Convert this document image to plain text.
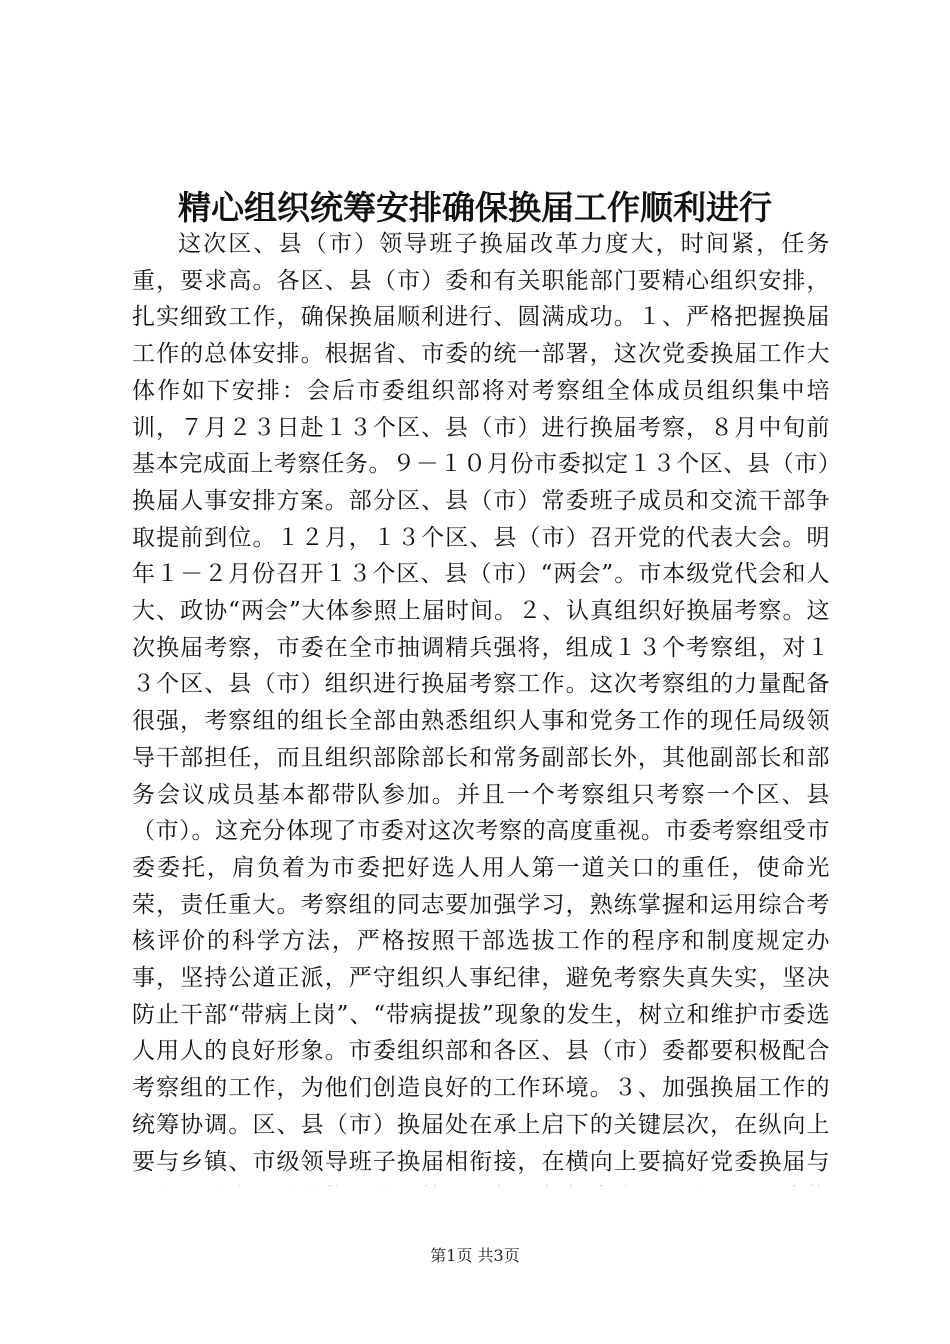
精心组织统筹安排确保换届工作顺利进行

这次区、县（市）领导班子换届改革力度大，时间紧，任务重，要求高。各区、县（市）委和有关职能部门要精心组织安排，扎实细致工作，确保换届顺利进行、圆满成功。１、严格把握换届工作的总体安排。根据省、市委的统一部署，这次党委换届工作大体作如下安排：会后市委组织部将对考察组全体成员组织集中培训，７月２３日赴１３个区、县（市）进行换届考察，８月中旬前基本完成面上考察任务。９－１０月份市委拟定１３个区、县（市）换届人事安排方案。部分区、县（市）常委班子成员和交流干部争取提前到位。１２月，１３个区、县（市）召开党的代表大会。明年１－２月份召开１３个区、县（市）“两会”。市本级党代会和人大、政协“两会”大体参照上届时间。２、认真组织好换届考察。这次换届考察，市委在全市抽调精兵强将，组成１３个考察组，对１３个区、县（市）组织进行换届考察工作。这次考察组的力量配备很强，考察组的组长全部由熟悉组织人事和党务工作的现任局级领导干部担任，而且组织部除部长和常务副部长外，其他副部长和部务会议成员基本都带队参加。并且一个考察组只考察一个区、县（市）。这充分体现了市委对这次考察的高度重视。市委考察组受市委委托，肩负着为市委把好选人用人第一道关口的重任，使命光荣，责任重大。考察组的同志要加强学习，熟练掌握和运用综合考核评价的科学方法，严格按照干部选拔工作的程序和制度规定办事，坚持公道正派，严守组织人事纪律，避免考察失真失实，坚决防止干部“带病上岗”、“带病提拔”现象的发生，树立和维护市委选人用人的良好形象。市委组织部和各区、县（市）委都要积极配合考察组的工作，为他们创造良好的工作环境。３、加强换届工作的统筹协调。区、县（市）换届处在承上启下的关键层次，在纵向上要与乡镇、市级领导班子换届相衔接，在横向上要搞好党委换届与

第1页 共3页
